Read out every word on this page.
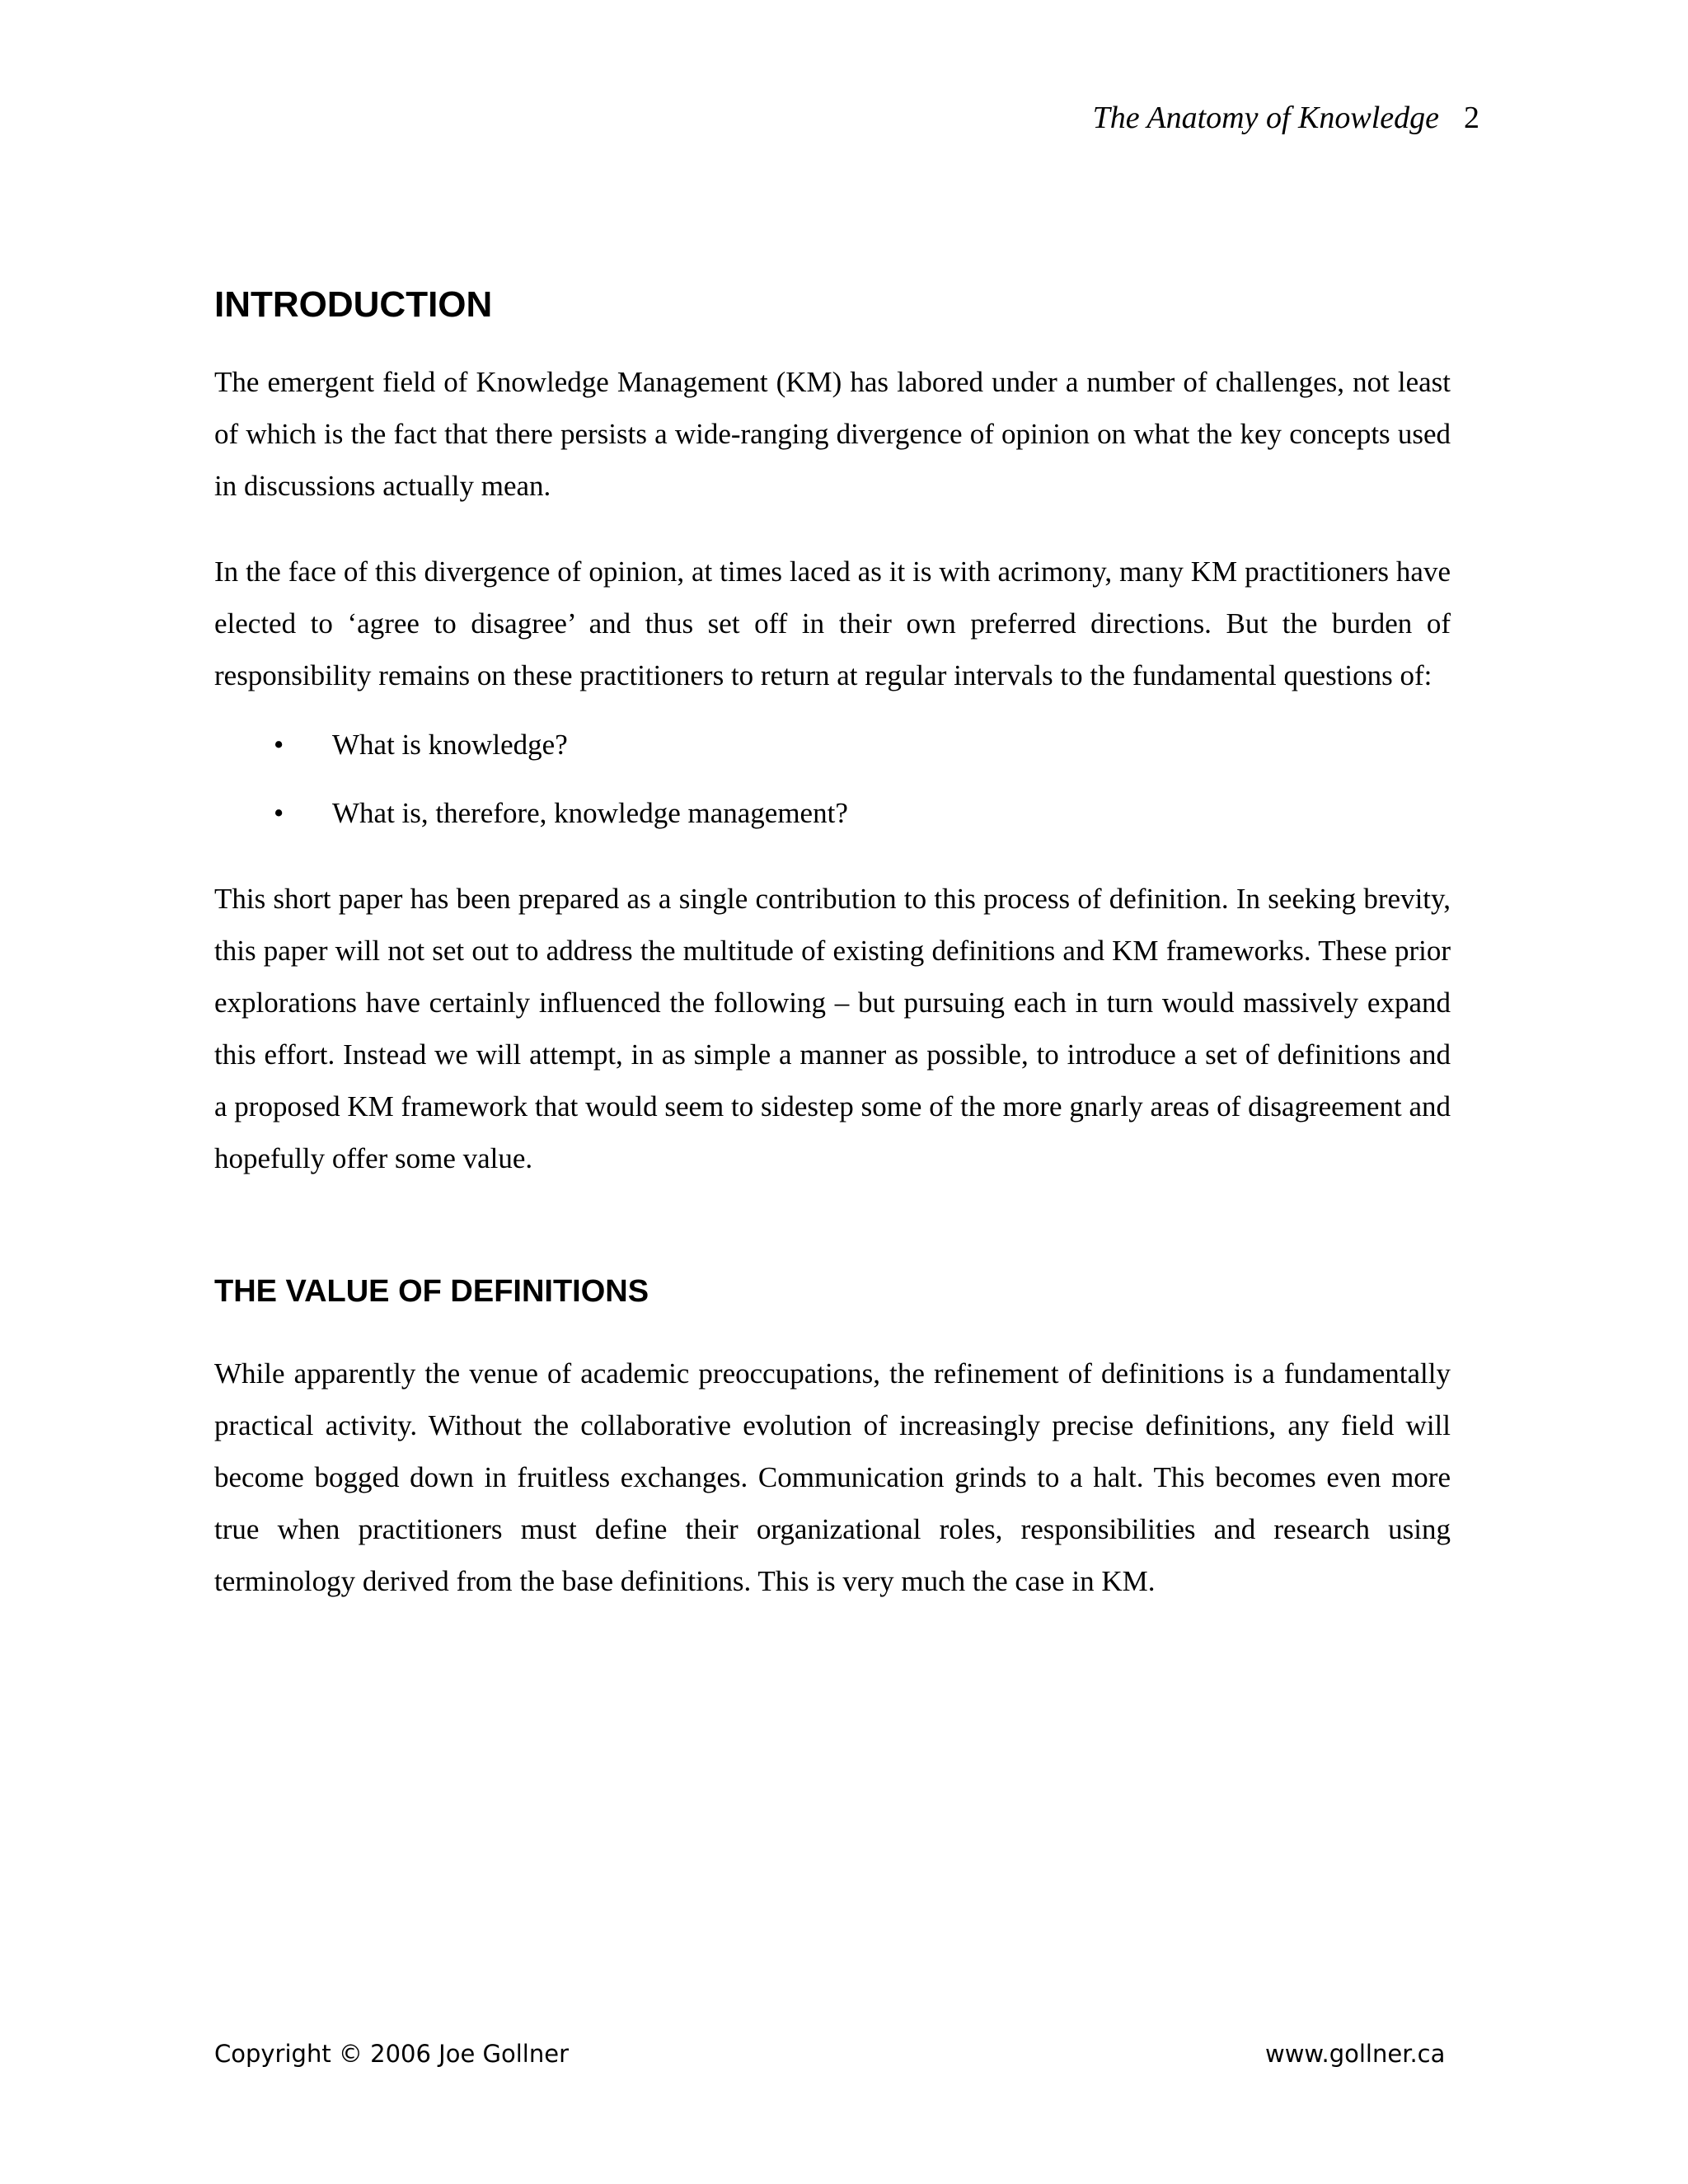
The Anatomy of Knowledge 2
INTRODUCTION

The emergent field of Knowledge Management (KM) has labored under a number of challenges, not least of which is the fact that there persists a wide-ranging divergence of opinion on what the key concepts used in discussions actually mean.

In the face of this divergence of opinion, at times laced as it is with acrimony, many KM practitioners have elected to ‘agree to disagree’ and thus set off in their own preferred directions. But the burden of responsibility remains on these practitioners to return at regular intervals to the fundamental questions of:

• What is knowledge?
• What is, therefore, knowledge management?

This short paper has been prepared as a single contribution to this process of definition. In seeking brevity, this paper will not set out to address the multitude of existing definitions and KM frameworks. These prior explorations have certainly influenced the following – but pursuing each in turn would massively expand this effort. Instead we will attempt, in as simple a manner as possible, to introduce a set of definitions and a proposed KM framework that would seem to sidestep some of the more gnarly areas of disagreement and hopefully offer some value.

THE VALUE OF DEFINITIONS

While apparently the venue of academic preoccupations, the refinement of definitions is a fundamentally practical activity. Without the collaborative evolution of increasingly precise definitions, any field will become bogged down in fruitless exchanges. Communication grinds to a halt. This becomes even more true when practitioners must define their organizational roles, responsibilities and research using terminology derived from the base definitions. This is very much the case in KM.

Copyright © 2006 Joe Gollner	www.gollner.ca
